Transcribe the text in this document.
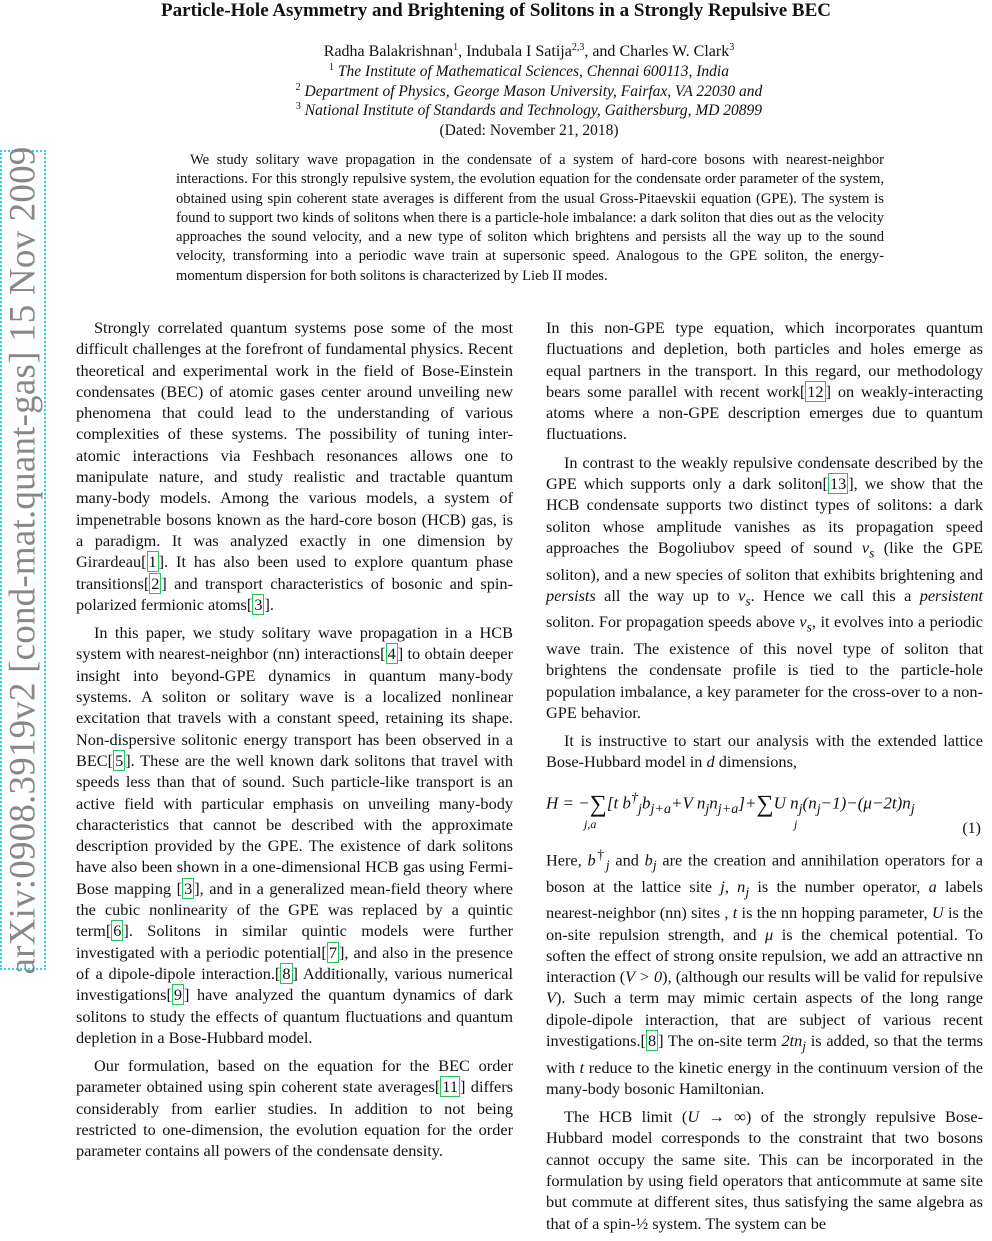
Particle-Hole Asymmetry and Brightening of Solitons in a Strongly Repulsive BEC
Radha Balakrishnan$^1$, Indubala I Satija$^{2,3}$, and Charles W. Clark$^3$
$^1$ The Institute of Mathematical Sciences, Chennai 600113, India
$^2$ Department of Physics, George Mason University, Fairfax, VA 22030 and
$^3$ National Institute of Standards and Technology, Gaithersburg, MD 20899
(Dated: November 21, 2018)
We study solitary wave propagation in the condensate of a system of hard-core bosons with nearest-neighbor interactions. For this strongly repulsive system, the evolution equation for the condensate order parameter of the system, obtained using spin coherent state averages is different from the usual Gross-Pitaevskii equation (GPE). The system is found to support two kinds of solitons when there is a particle-hole imbalance: a dark soliton that dies out as the velocity approaches the sound velocity, and a new type of soliton which brightens and persists all the way up to the sound velocity, transforming into a periodic wave train at supersonic speed. Analogous to the GPE soliton, the energy-momentum dispersion for both solitons is characterized by Lieb II modes.
arXiv:0908.3919v2 [cond-mat.quant-gas] 15 Nov 2009	Strongly correlated quantum systems pose some of the most difficult challenges at the forefront of fundamental physics. Recent theoretical and experimental work in the field of Bose-Einstein condensates (BEC) of atomic gases center around unveiling new phenomena that could lead to the understanding of various complexities of these systems. The possibility of tuning inter-atomic interactions via Feshbach resonances allows one to manipulate nature, and study realistic and tractable quantum many-body models. Among the various models, a system of impenetrable bosons known as the hard-core boson (HCB) gas, is a paradigm. It was analyzed exactly in one dimension by Girardeau[ 1 ]. It has also been used to explore quantum phase transitions[ 2 ] and transport characteristics of bosonic and spin-polarized fermionic atoms[ 3 ].

In this paper, we study solitary wave propagation in a HCB system with nearest-neighbor (nn) interactions[ 4 ] to obtain deeper insight into beyond-GPE dynamics in quantum many-body systems. A soliton or solitary wave is a localized nonlinear excitation that travels with a constant speed, retaining its shape. Non-dispersive solitonic energy transport has been observed in a BEC[ 5 ]. These are the well known dark solitons that travel with speeds less than that of sound. Such particle-like transport is an active field with particular emphasis on unveiling many-body characteristics that cannot be described with the approximate description provided by the GPE. The existence of dark solitons have also been shown in a one-dimensional HCB gas using Fermi-Bose mapping [ 3 ], and in a generalized mean-field theory where the cubic nonlinearity of the GPE was replaced by a quintic term[ 6 ]. Solitons in similar quintic models were further investigated with a periodic potential[ 7 ], and also in the presence of a dipole-dipole interaction.[ 8 ] Additionally, various numerical investigations[ 9 ] have analyzed the quantum dynamics of dark solitons to study the effects of quantum fluctuations and quantum depletion in a Bose-Hubbard model.

Our formulation, based on the equation for the BEC order parameter obtained using spin coherent state averages[ 11 ] differs considerably from earlier studies. In addition to not being restricted to one-dimension, the evolution equation for the order parameter contains all powers of the condensate density.

In this non-GPE type equation, which incorporates quantum fluctuations and depletion, both particles and holes emerge as equal partners in the transport. In this regard, our methodology bears some parallel with recent work[ 12 ] on weakly-interacting atoms where a non-GPE description emerges due to quantum fluctuations.

In contrast to the weakly repulsive condensate described by the GPE which supports only a dark soliton[ 13 ], we show that the HCB condensate supports two distinct types of solitons: a dark soliton whose amplitude vanishes as its propagation speed approaches the Bogoliubov speed of sound $v_s$ (like the GPE soliton), and a new species of soliton that exhibits brightening and persists all the way up to $v_s$. Hence we call this a persistent soliton. For propagation speeds above $v_s$, it evolves into a periodic wave train. The existence of this novel type of soliton that brightens the condensate profile is tied to the particle-hole population imbalance, a key parameter for the cross-over to a non-GPE behavior.

It is instructive to start our analysis with the extended lattice Bose-Hubbard model in d dimensions,

H = −∑[t $b^\dagger_jb_{j+a}+V$ $n_jn_{j+a}]+\sum U$ $n_j(n_j-1)-(\mu-2t)n_j$
j,a	j	(1)

Here, $b^\dagger_j$ and $b_j$ are the creation and annihilation operators for a boson at the lattice site j, $n_j$ is the number operator, a labels nearest-neighbor (nn) sites , t is the nn hopping parameter, U is the on-site repulsion strength, and μ is the chemical potential. To soften the effect of strong onsite repulsion, we add an attractive nn interaction (V > 0), (although our results will be valid for repulsive V). Such a term may mimic certain aspects of the long range dipole-dipole interaction, that are subject of various recent investigations.[ 8 ] The on-site term $2tn_j$ is added, so that the terms with t reduce to the kinetic energy in the continuum version of the many-body bosonic Hamiltonian.

The HCB limit (U → ∞) of the strongly repulsive Bose-Hubbard model corresponds to the constraint that two bosons cannot occupy the same site. This can be incorporated in the formulation by using field operators that anticommute at same site but commute at different sites, thus satisfying the same algebra as that of a spin-½ system. The system can be
